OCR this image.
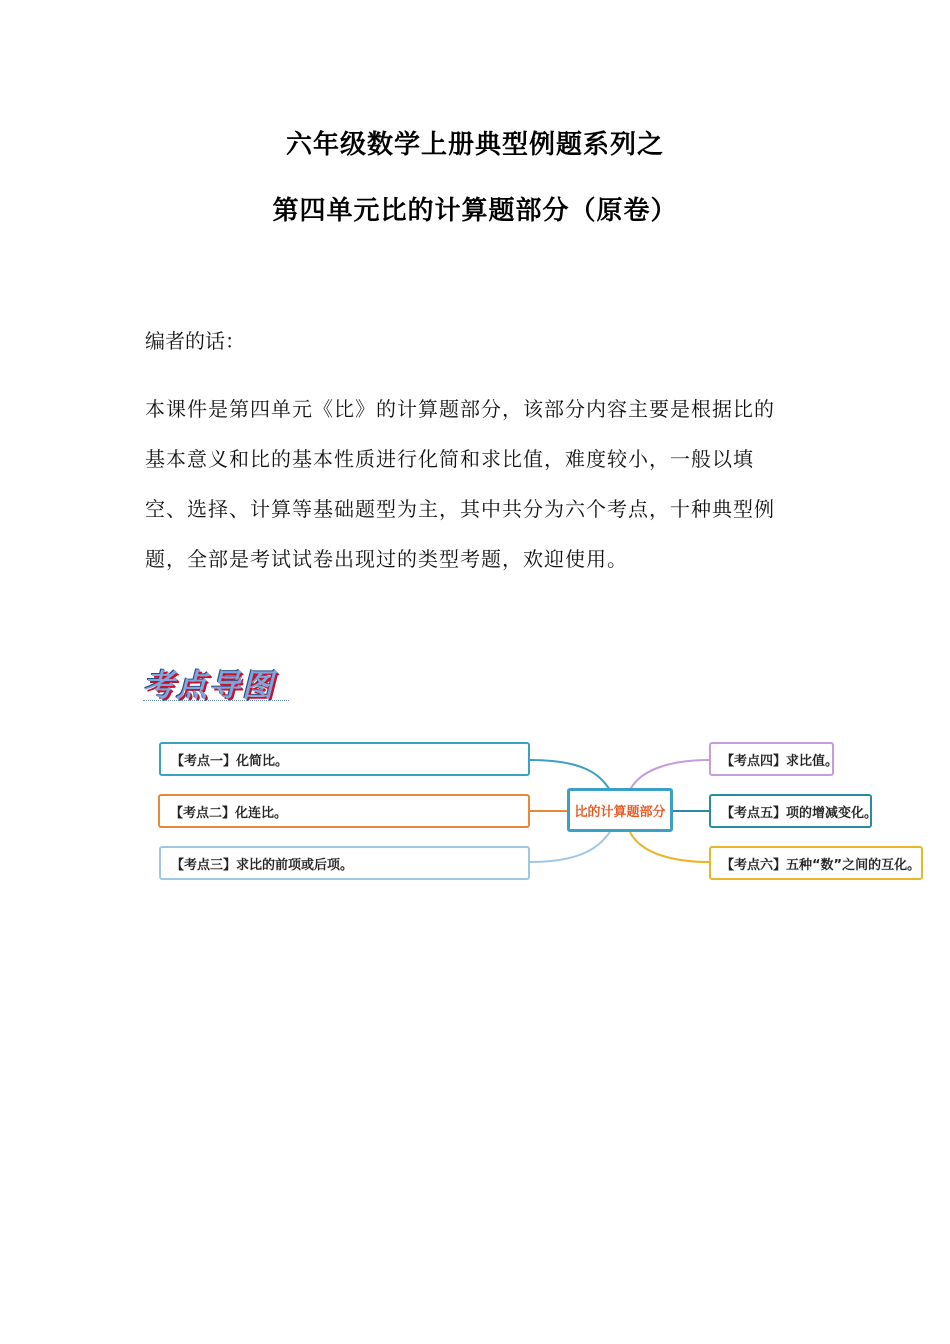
六年级数学上册典型例题系列之
第四单元比的计算题部分（原卷）
编者的话：
本课件是第四单元《比》的计算题部分，该部分内容主要是根据比的基本意义和比的基本性质进行化简和求比值，难度较小，一般以填空、选择、计算等基础题型为主，其中共分为六个考点，十种典型例题，全部是考试试卷出现过的类型考题，欢迎使用。
考点导图
比的计算题部分
【考点一】化简比。
【考点二】化连比。
【考点三】求比的前项或后项。
【考点四】求比值。
【考点五】项的增减变化。
【考点六】五种“数”之间的互化。
